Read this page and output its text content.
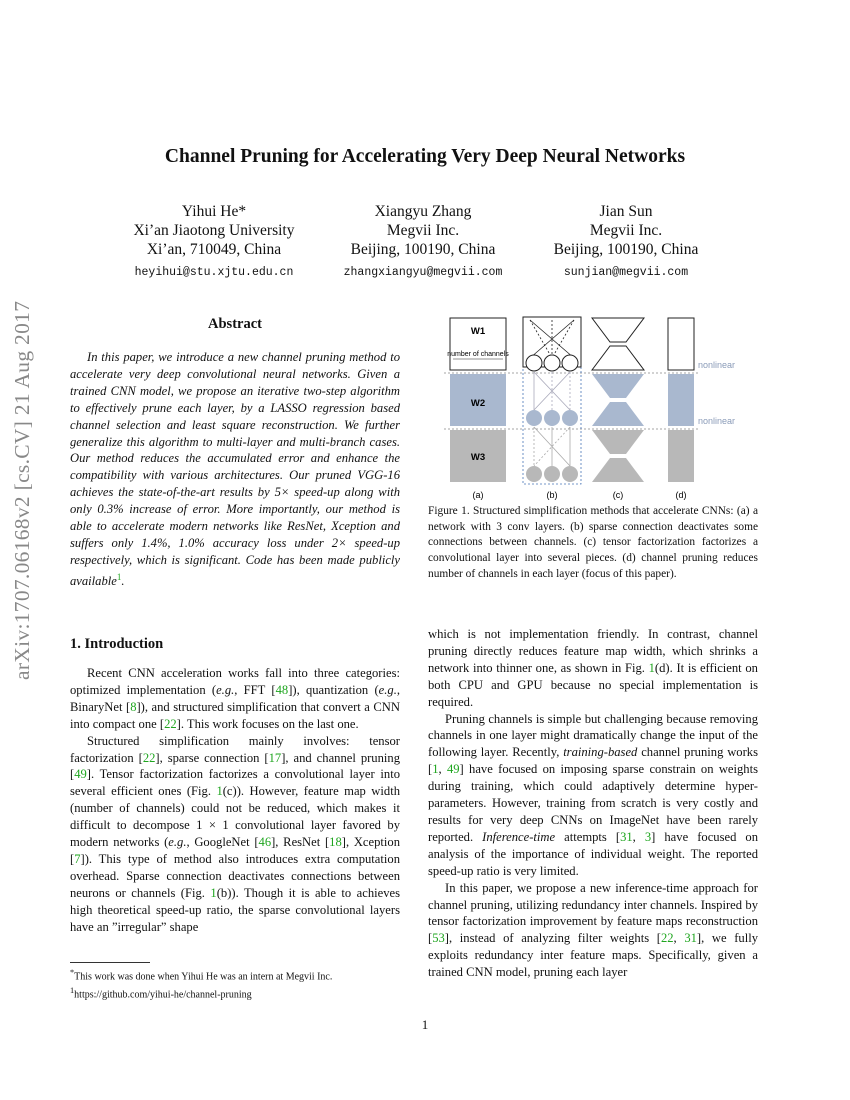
Channel Pruning for Accelerating Very Deep Neural Networks
Yihui He*
Xi’an Jiaotong University
Xi’an, 710049, China
heyihui@stu.xjtu.edu.cn
Xiangyu Zhang
Megvii Inc.
Beijing, 100190, China
zhangxiangyu@megvii.com
Jian Sun
Megvii Inc.
Beijing, 100190, China
sunjian@megvii.com
arXiv:1707.06168v2 [cs.CV] 21 Aug 2017	Abstract

In this paper, we introduce a new channel pruning method to accelerate very deep convolutional neural networks. Given a trained CNN model, we propose an iterative two-step algorithm to effectively prune each layer, by a LASSO regression based channel selection and least square reconstruction. We further generalize this algorithm to multi-layer and multi-branch cases. Our method reduces the accumulated error and enhance the compatibility with various architectures. Our pruned VGG-16 achieves the state-of-the-art results by 5× speed-up along with only 0.3% increase of error. More importantly, our method is able to accelerate modern networks like ResNet, Xception and suffers only 1.4%, 1.0% accuracy loss under 2× speed-up respectively, which is significant. Code has been made publicly available$^1$.

1. Introduction

Recent CNN acceleration works fall into three categories: optimized implementation (e.g., FFT [48]), quantization (e.g., BinaryNet [8]), and structured simplification that convert a CNN into compact one [22]. This work focuses on the last one.

Structured simplification mainly involves: tensor factorization [22], sparse connection [17], and channel pruning [49]. Tensor factorization factorizes a convolutional layer into several efficient ones (Fig. 1(c)). However, feature map width (number of channels) could not be reduced, which makes it difficult to decompose 1 × 1 convolutional layer favored by modern networks (e.g., GoogleNet [46], ResNet [18], Xception [7]). This type of method also introduces extra computation overhead. Sparse connection deactivates connections between neurons or channels (Fig. 1(b)). Though it is able to achieves high theoretical speed-up ratio, the sparse convolutional layers have an ”irregular” shape

*This work was done when Yihui He was an intern at Megvii Inc.
$^1$https://github.com/yihui-he/channel-pruning
nonlinear
nonlinear
W1
number of channels
W2
W3
(a)	(b)	(c)	(d)
Figure 1. Structured simplification methods that accelerate CNNs: (a) a network with 3 conv layers. (b) sparse connection deactivates some connections between channels. (c) tensor factorization factorizes a convolutional layer into several pieces. (d) channel pruning reduces number of channels in each layer (focus of this paper).

which is not implementation friendly. In contrast, channel pruning directly reduces feature map width, which shrinks a network into thinner one, as shown in Fig. 1(d). It is efficient on both CPU and GPU because no special implementation is required.

Pruning channels is simple but challenging because removing channels in one layer might dramatically change the input of the following layer. Recently, training-based channel pruning works [1, 49] have focused on imposing sparse constrain on weights during training, which could adaptively determine hyper-parameters. However, training from scratch is very costly and results for very deep CNNs on ImageNet have been rarely reported. Inference-time attempts [31, 3] have focused on analysis of the importance of individual weight. The reported speed-up ratio is very limited.

In this paper, we propose a new inference-time approach for channel pruning, utilizing redundancy inter channels. Inspired by tensor factorization improvement by feature maps reconstruction [53], instead of analyzing filter weights [22, 31], we fully exploits redundancy inter feature maps. Specifically, given a trained CNN model, pruning each layer

1
